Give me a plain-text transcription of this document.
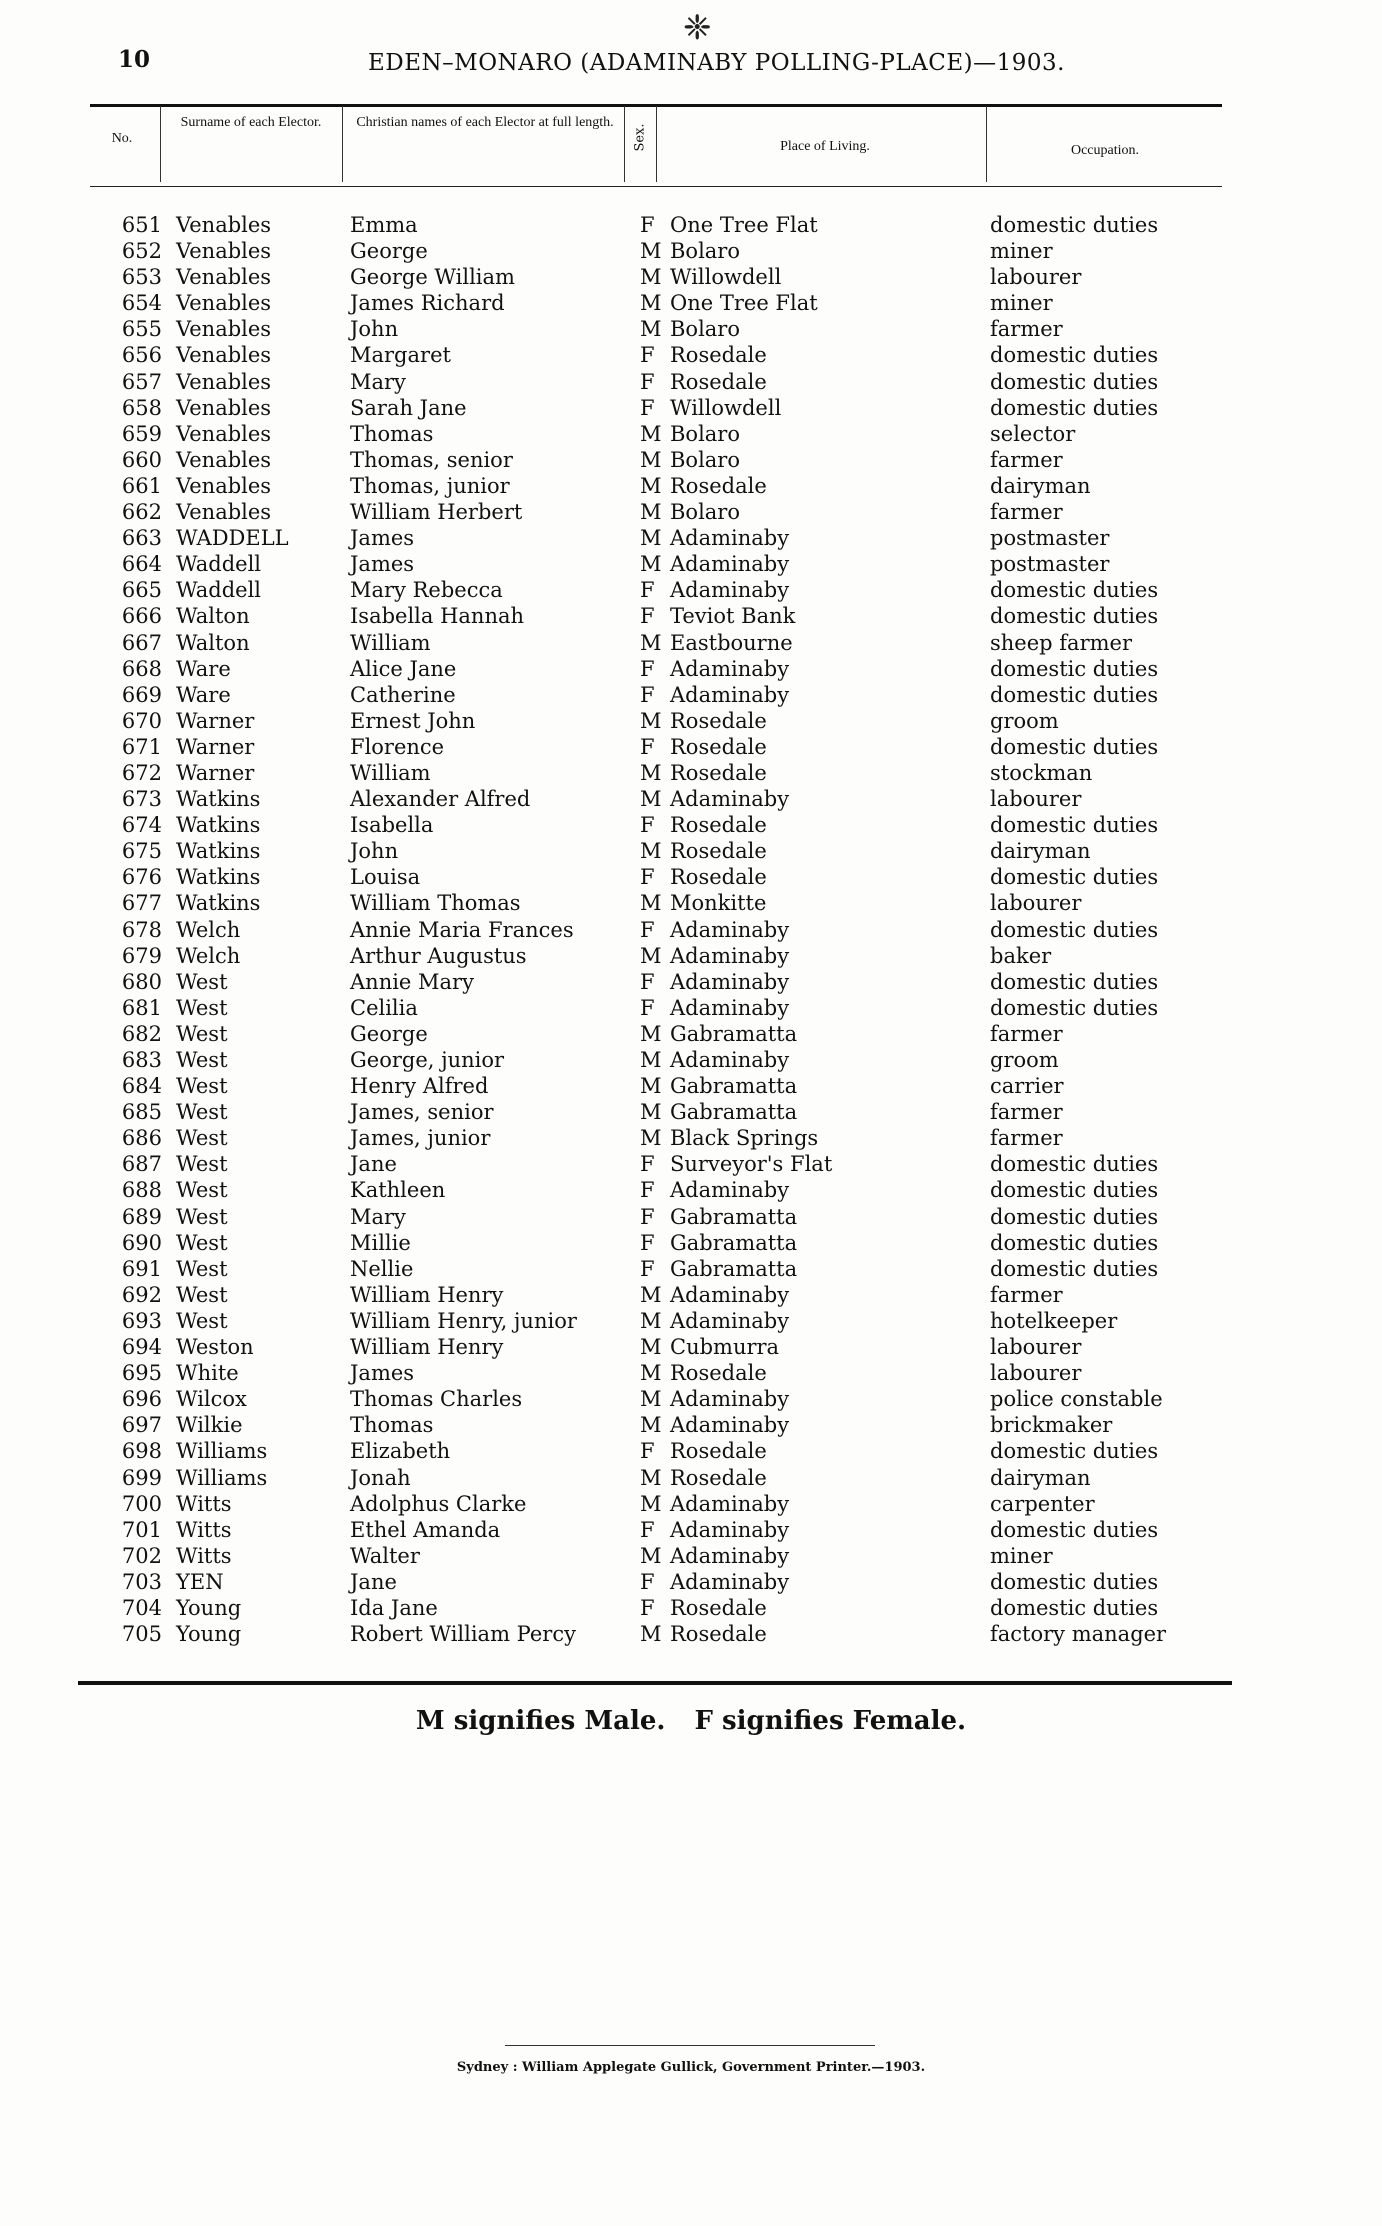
❈
10	EDEN–MONARO (ADAMINABY POLLING-PLACE)—1903.
No.
Surname of each Elector.	Christian names of each Elector at full length.
Sex.	Place of Living.	Occupation.
651 Venables	Emma	F One Tree Flat	domestic duties
652 Venables	George	M Bolaro	miner
653 Venables	George William	M Willowdell	labourer
654 Venables	James Richard	M One Tree Flat	miner
655 Venables	John	M Bolaro	farmer
656 Venables	Margaret	F Rosedale	domestic duties
657 Venables	Mary	F Rosedale	domestic duties
658 Venables	Sarah Jane	F Willowdell	domestic duties
659 Venables	Thomas	M Bolaro	selector
660 Venables	Thomas, senior	M Bolaro	farmer
661 Venables	Thomas, junior	M Rosedale	dairyman
662 Venables	William Herbert	M Bolaro	farmer
663 WADDELL	James	M Adaminaby	postmaster
664 Waddell	James	M Adaminaby	postmaster
665 Waddell	Mary Rebecca	F Adaminaby	domestic duties
666 Walton	Isabella Hannah	F Teviot Bank	domestic duties
667 Walton	William	M Eastbourne	sheep farmer
668 Ware	Alice Jane	F Adaminaby	domestic duties
669 Ware	Catherine	F Adaminaby	domestic duties
670 Warner	Ernest John	M Rosedale	groom
671 Warner	Florence	F Rosedale	domestic duties
672 Warner	William	M Rosedale	stockman
673 Watkins	Alexander Alfred	M Adaminaby	labourer
674 Watkins	Isabella	F Rosedale	domestic duties
675 Watkins	John	M Rosedale	dairyman
676 Watkins	Louisa	F Rosedale	domestic duties
677 Watkins	William Thomas	M Monkitte	labourer
678 Welch	Annie Maria Frances	F Adaminaby	domestic duties
679 Welch	Arthur Augustus	M Adaminaby	baker
680 West	Annie Mary	F Adaminaby	domestic duties
681 West	Celilia	F Adaminaby	domestic duties
682 West	George	M Gabramatta	farmer
683 West	George, junior	M Adaminaby	groom
684 West	Henry Alfred	M Gabramatta	carrier
685 West	James, senior	M Gabramatta	farmer
686 West	James, junior	M Black Springs	farmer
687 West	Jane	F Surveyor's Flat	domestic duties
688 West	Kathleen	F Adaminaby	domestic duties
689 West	Mary	F Gabramatta	domestic duties
690 West	Millie	F Gabramatta	domestic duties
691 West	Nellie	F Gabramatta	domestic duties
692 West	William Henry	M Adaminaby	farmer
693 West	William Henry, junior	M Adaminaby	hotelkeeper
694 Weston	William Henry	M Cubmurra	labourer
695 White	James	M Rosedale	labourer
696 Wilcox	Thomas Charles	M Adaminaby	police constable
697 Wilkie	Thomas	M Adaminaby	brickmaker
698 Williams	Elizabeth	F Rosedale	domestic duties
699 Williams	Jonah	M Rosedale	dairyman
700 Witts	Adolphus Clarke	M Adaminaby	carpenter
701 Witts	Ethel Amanda	F Adaminaby	domestic duties
702 Witts	Walter	M Adaminaby	miner
703 YEN	Jane	F Adaminaby	domestic duties
704 Young	Ida Jane	F Rosedale	domestic duties
705 Young	Robert William Percy	M Rosedale	factory manager
M signifies Male. F signifies Female.
Sydney : William Applegate Gullick, Government Printer.—1903.
